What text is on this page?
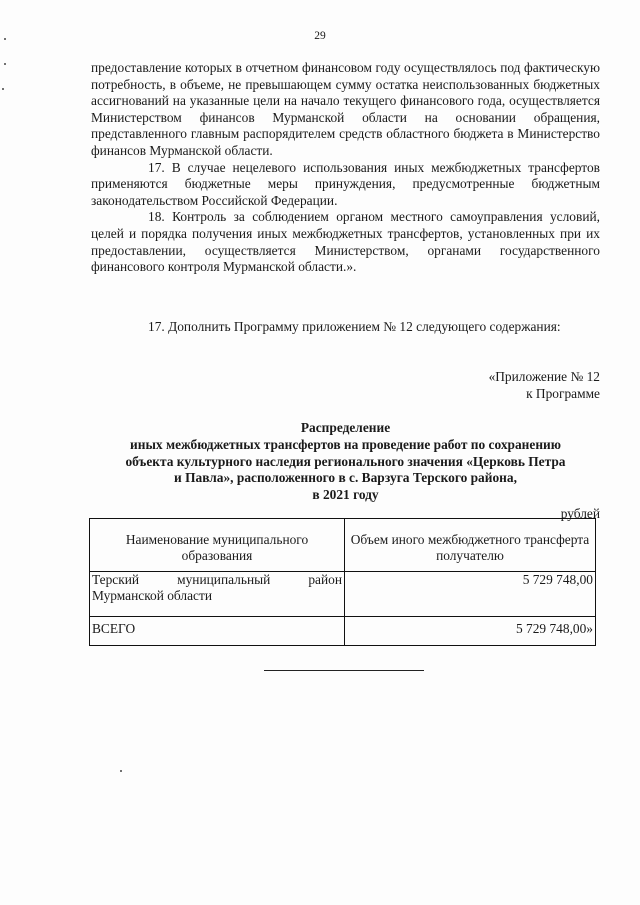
29

предоставление которых в отчетном финансовом году осуществлялось под фактическую потребность, в объеме, не превышающем сумму остатка неиспользованных бюджетных ассигнований на указанные цели на начало текущего финансового года, осуществляется Министерством финансов Мурманской области на основании обращения, представленного главным распорядителем средств областного бюджета в Министерство финансов Мурманской области.

17. В случае нецелевого использования иных межбюджетных трансфертов применяются бюджетные меры принуждения, предусмотренные бюджетным законодательством Российской Федерации.

18. Контроль за соблюдением органом местного самоуправления условий, целей и порядка получения иных межбюджетных трансфертов, установленных при их предоставлении, осуществляется Министерством, органами государственного финансового контроля Мурманской области.».

17. Дополнить Программу приложением № 12 следующего содержания:

«Приложение № 12

к Программе

Распределение

иных межбюджетных трансфертов на проведение работ по сохранению

объекта культурного наследия регионального значения «Церковь Петра

и Павла», расположенного в с. Варзуга Терского района,

в 2021 году

рублей
Наименование муниципального образования	Объем иного межбюджетного трансферта получателю

Терский муниципальный район
Мурманской области	5 729 748,00
ВСЕГО	5 729 748,00»
